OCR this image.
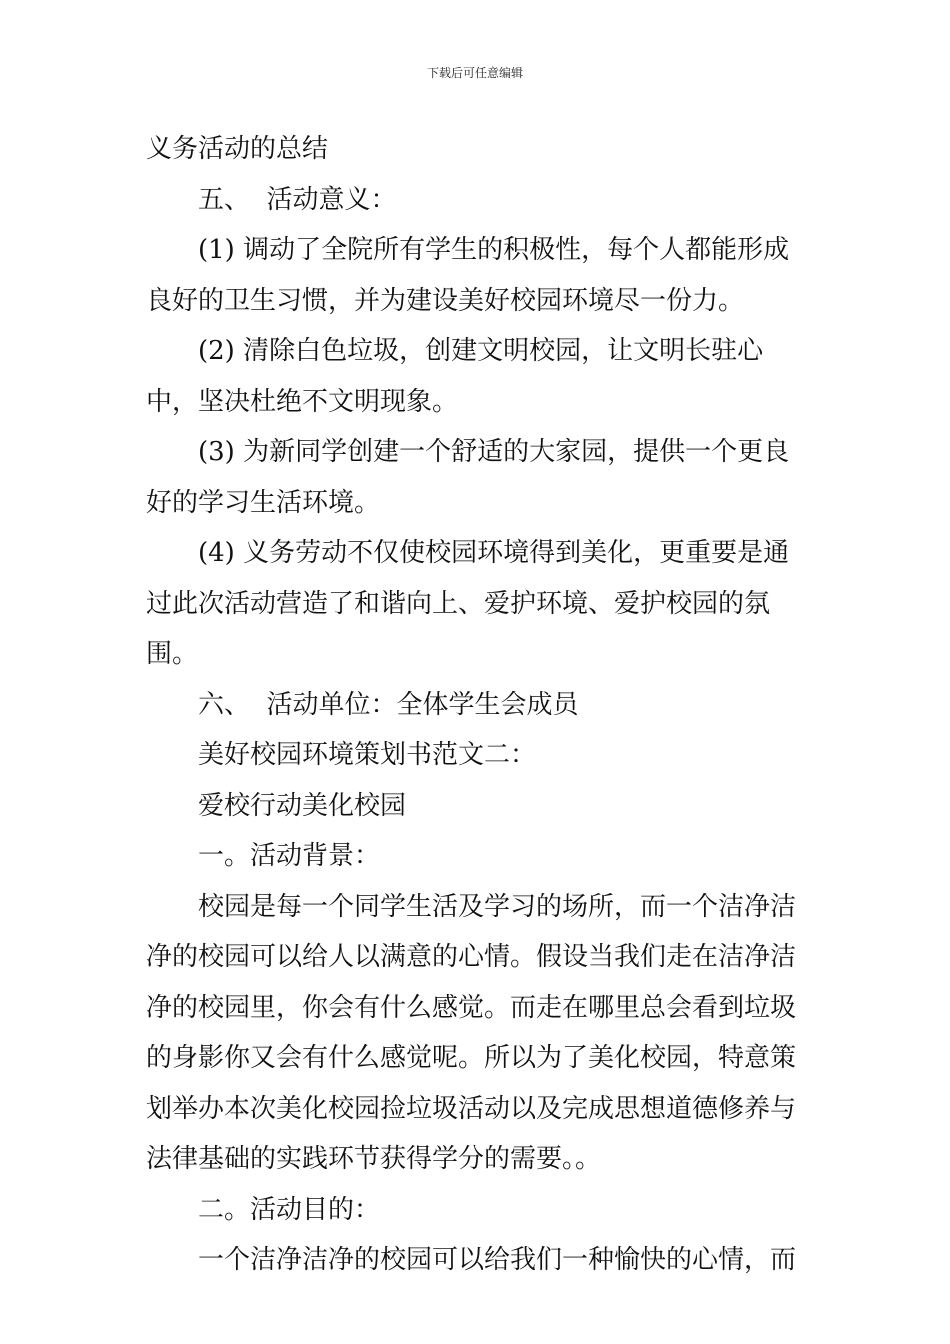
下载后可任意编辑

义务活动的总结

五、  活动意义：

(1) 调动了全院所有学生的积极性，每个人都能形成良好的卫生习惯，并为建设美好校园环境尽一份力。

(2) 清除白色垃圾，创建文明校园，让文明长驻心中，坚决杜绝不文明现象。

(3) 为新同学创建一个舒适的大家园，提供一个更良好的学习生活环境。

(4) 义务劳动不仅使校园环境得到美化，更重要是通过此次活动营造了和谐向上、爱护环境、爱护校园的氛围。

六、  活动单位：全体学生会成员

美好校园环境策划书范文二：

爱校行动美化校园

一。活动背景：

校园是每一个同学生活及学习的场所，而一个洁净洁净的校园可以给人以满意的心情。假设当我们走在洁净洁净的校园里，你会有什么感觉。而走在哪里总会看到垃圾的身影你又会有什么感觉呢。所以为了美化校园，特意策划举办本次美化校园捡垃圾活动以及完成思想道德修养与法律基础的实践环节获得学分的需要。。

二。活动目的：

一个洁净洁净的校园可以给我们一种愉快的心情，而
